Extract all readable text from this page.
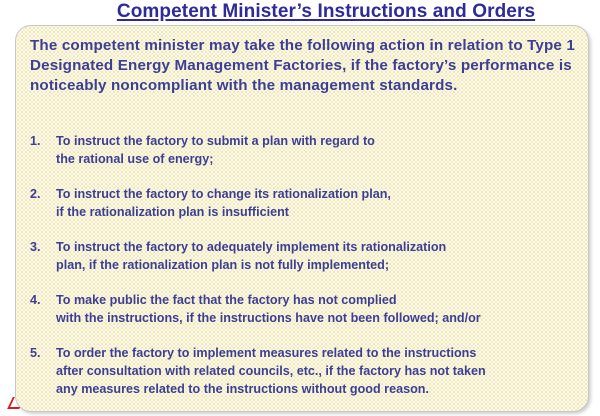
Competent Minister’s Instructions and Orders

The competent minister may take the following action in relation to Type 1 Designated Energy Management Factories, if the factory’s performance is noticeably noncompliant with the management standards.

1.	To instruct the factory to submit a plan with regard to
the rational use of energy;
2.	To instruct the factory to change its rationalization plan,
if the rationalization plan is insufficient
3.	To instruct the factory to adequately implement its rationalization
plan, if the rationalization plan is not fully implemented;
4.	To make public the fact that the factory has not complied
with the instructions, if the instructions have not been followed; and/or
5.	To order the factory to implement measures related to the instructions
after consultation with related councils, etc., if the factory has not taken
any measures related to the instructions without good reason.
